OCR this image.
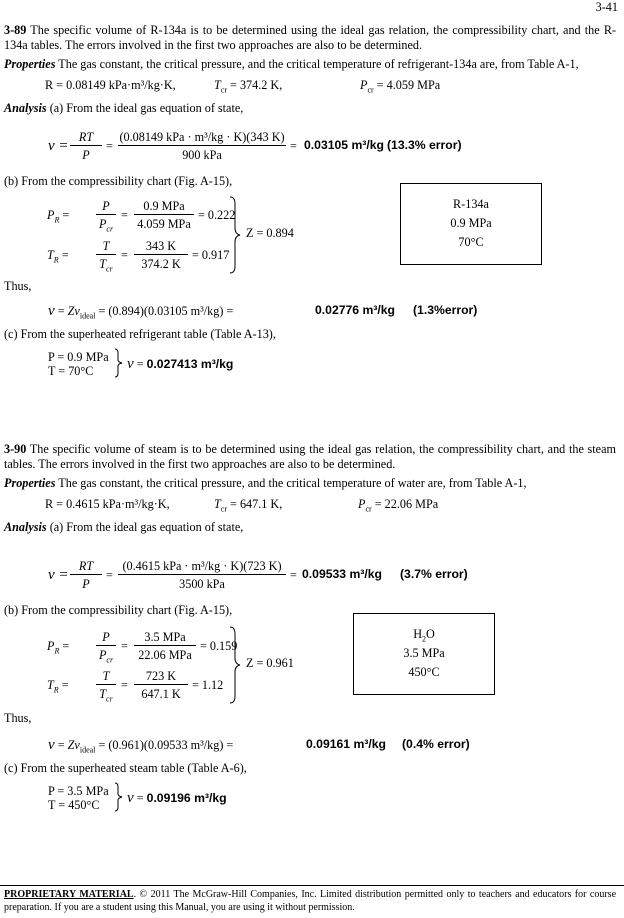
3-41
3-89 The specific volume of R-134a is to be determined using the ideal gas relation, the compressibility chart, and the R-134a tables. The errors involved in the first two approaches are also to be determined.
Properties The gas constant, the critical pressure, and the critical temperature of refrigerant-134a are, from Table A-1,
R = 0.08149 kPa·m³/kg·K,	$T_{cr} = 374.2$ K,	$P_{cr} = 4.059$ MPa
Analysis (a) From the ideal gas equation of state,
v =
RT
P
=
(0.08149 kPa · m³/kg · K)(343 K)
900 kPa
= 0.03105 m³/kg (13.3% error)
(b) From the compressibility chart (Fig. A-15),
$P_R$ =
P
$P_{cr}$
=
0.9 MPa
4.059 MPa
= 0.222
$T_R$ =
T
$T_{cr}$
=
343 K
374.2 K
= 0.917
Z = 0.894
R-134a
0.9 MPa
70°C
Thus,
$v = Zv_{ideal} = (0.894)(0.03105$ m³/kg) =	0.02776 m³/kg (1.3%error)
(c) From the superheated refrigerant table (Table A-13),
P = 0.9 MPa
T = 70°C v = 0.027413 m³/kg
3-90 The specific volume of steam is to be determined using the ideal gas relation, the compressibility chart, and the steam tables. The errors involved in the first two approaches are also to be determined.
Properties The gas constant, the critical pressure, and the critical temperature of water are, from Table A-1,
R = 0.4615 kPa·m³/kg·K,	$T_{cr} = 647.1$ K,	$P_{cr} = 22.06$ MPa
Analysis (a) From the ideal gas equation of state,
v =
RT
P
=
(0.4615 kPa · m³/kg · K)(723 K)
3500 kPa
= 0.09533 m³/kg (3.7% error)
(b) From the compressibility chart (Fig. A-15),
$P_R$ =
P
$P_{cr}$
=
3.5 MPa
22.06 MPa
= 0.159
$T_R$ =
T
$T_{cr}$
=
723 K
647.1 K
= 1.12
Z = 0.961
$H_2O$
3.5 MPa
450°C
Thus,
$v = Zv_{ideal} = (0.961)(0.09533$ m³/kg) =	0.09161 m³/kg (0.4% error)
(c) From the superheated steam table (Table A-6),
P = 3.5 MPa
T = 450°C v = 0.09196 m³/kg
PROPRIETARY MATERIAL. © 2011 The McGraw-Hill Companies, Inc. Limited distribution permitted only to teachers and educators for course preparation. If you are a student using this Manual, you are using it without permission.
